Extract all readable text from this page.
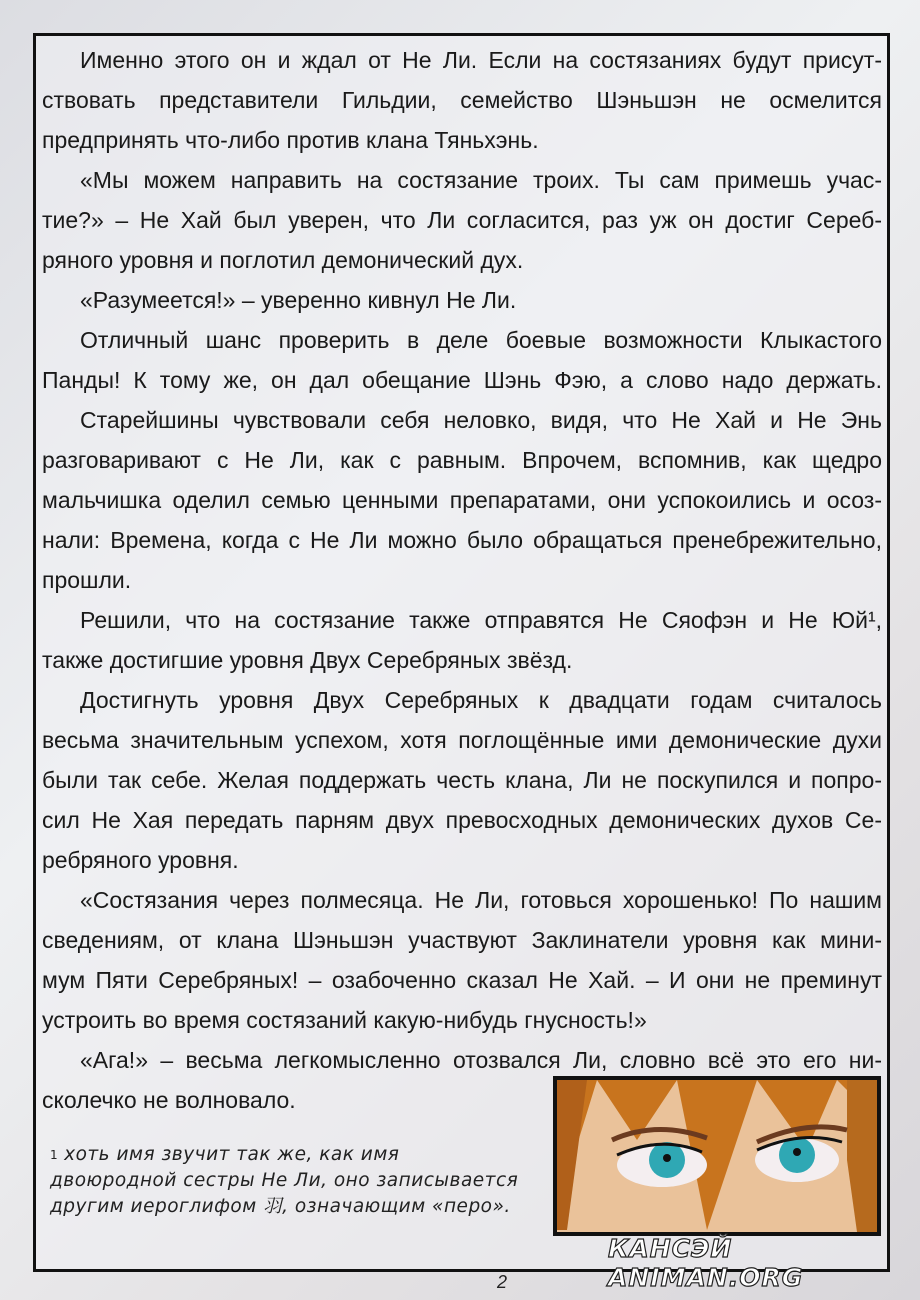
Именно этого он и ждал от Не Ли. Если на состязаниях будут присут-
ствовать представители Гильдии, семейство Шэньшэн не осмелится
предпринять что-либо против клана Тяньхэнь.
«Мы можем направить на состязание троих. Ты сам примешь учас-
тие?» – Не Хай был уверен, что Ли согласится, раз уж он достиг Сереб-
ряного уровня и поглотил демонический дух.
«Разумеется!» – уверенно кивнул Не Ли.
Отличный шанс проверить в деле боевые возможности Клыкастого
Панды! К тому же, он дал обещание Шэнь Фэю, а слово надо держать.
Старейшины чувствовали себя неловко, видя, что Не Хай и Не Энь
разговаривают с Не Ли, как с равным. Впрочем, вспомнив, как щедро
мальчишка оделил семью ценными препаратами, они успокоились и осоз-
нали: Времена, когда с Не Ли можно было обращаться пренебрежительно,
прошли.
Решили, что на состязание также отправятся Не Сяофэн и Не Юй¹,
также достигшие уровня Двух Серебряных звёзд.
Достигнуть уровня Двух Серебряных к двадцати годам считалось
весьма значительным успехом, хотя поглощённые ими демонические духи
были так себе. Желая поддержать честь клана, Ли не поскупился и попро-
сил Не Хая передать парням двух превосходных демонических духов Се-
ребряного уровня.
«Состязания через полмесяца. Не Ли, готовься хорошенько! По нашим
сведениям, от клана Шэньшэн участвуют Заклинатели уровня как мини-
мум Пяти Серебряных! – озабоченно сказал Не Хай. – И они не преминут
устроить во время состязаний какую-нибудь гнусность!»
«Ага!» – весьма легкомысленно отозвался Ли, словно всё это его ни-
сколечко не волновало.
$^1$ хоть имя звучит так же, как имя двоюродной сестры Не Ли, оно записывается другим иероглифом 羽, означающим «перо».
КАНСЭЙ ANIMAN.ORG
2
